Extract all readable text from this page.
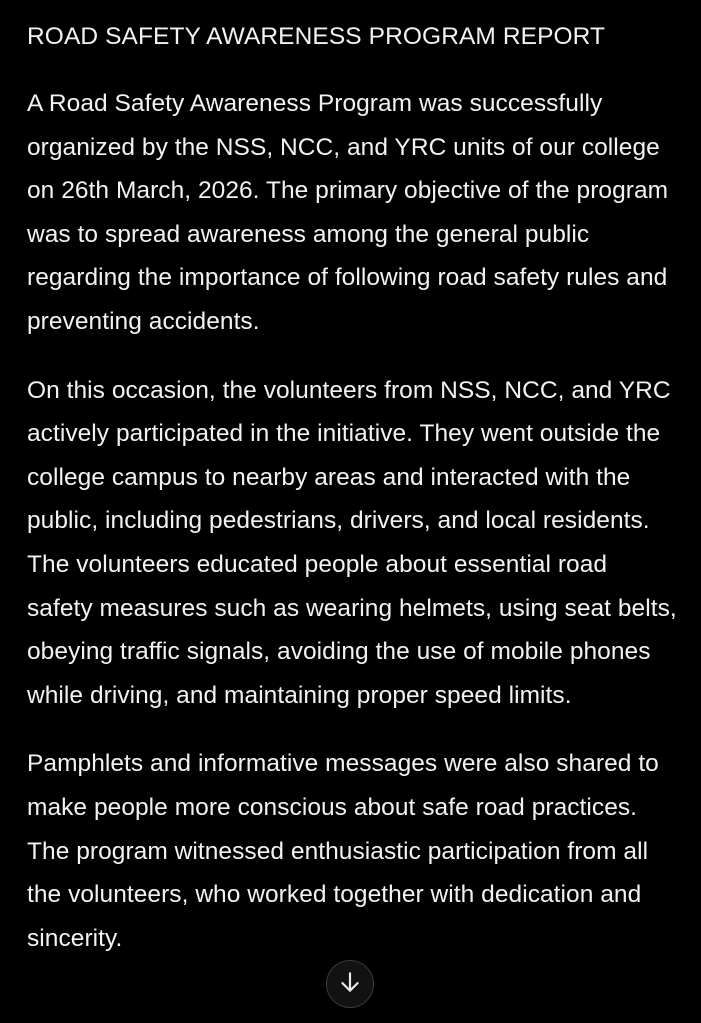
ROAD SAFETY AWARENESS PROGRAM REPORT

A Road Safety Awareness Program was successfully organized by the NSS, NCC, and YRC units of our college on 26th March, 2026. The primary objective of the program was to spread awareness among the general public regarding the importance of following road safety rules and preventing accidents.

On this occasion, the volunteers from NSS, NCC, and YRC actively participated in the initiative. They went outside the college campus to nearby areas and interacted with the public, including pedestrians, drivers, and local residents. The volunteers educated people about essential road safety measures such as wearing helmets, using seat belts, obeying traffic signals, avoiding the use of mobile phones while driving, and maintaining proper speed limits.

Pamphlets and informative messages were also shared to make people more conscious about safe road practices. The program witnessed enthusiastic participation from all the volunteers, who worked together with dedication and sincerity.
